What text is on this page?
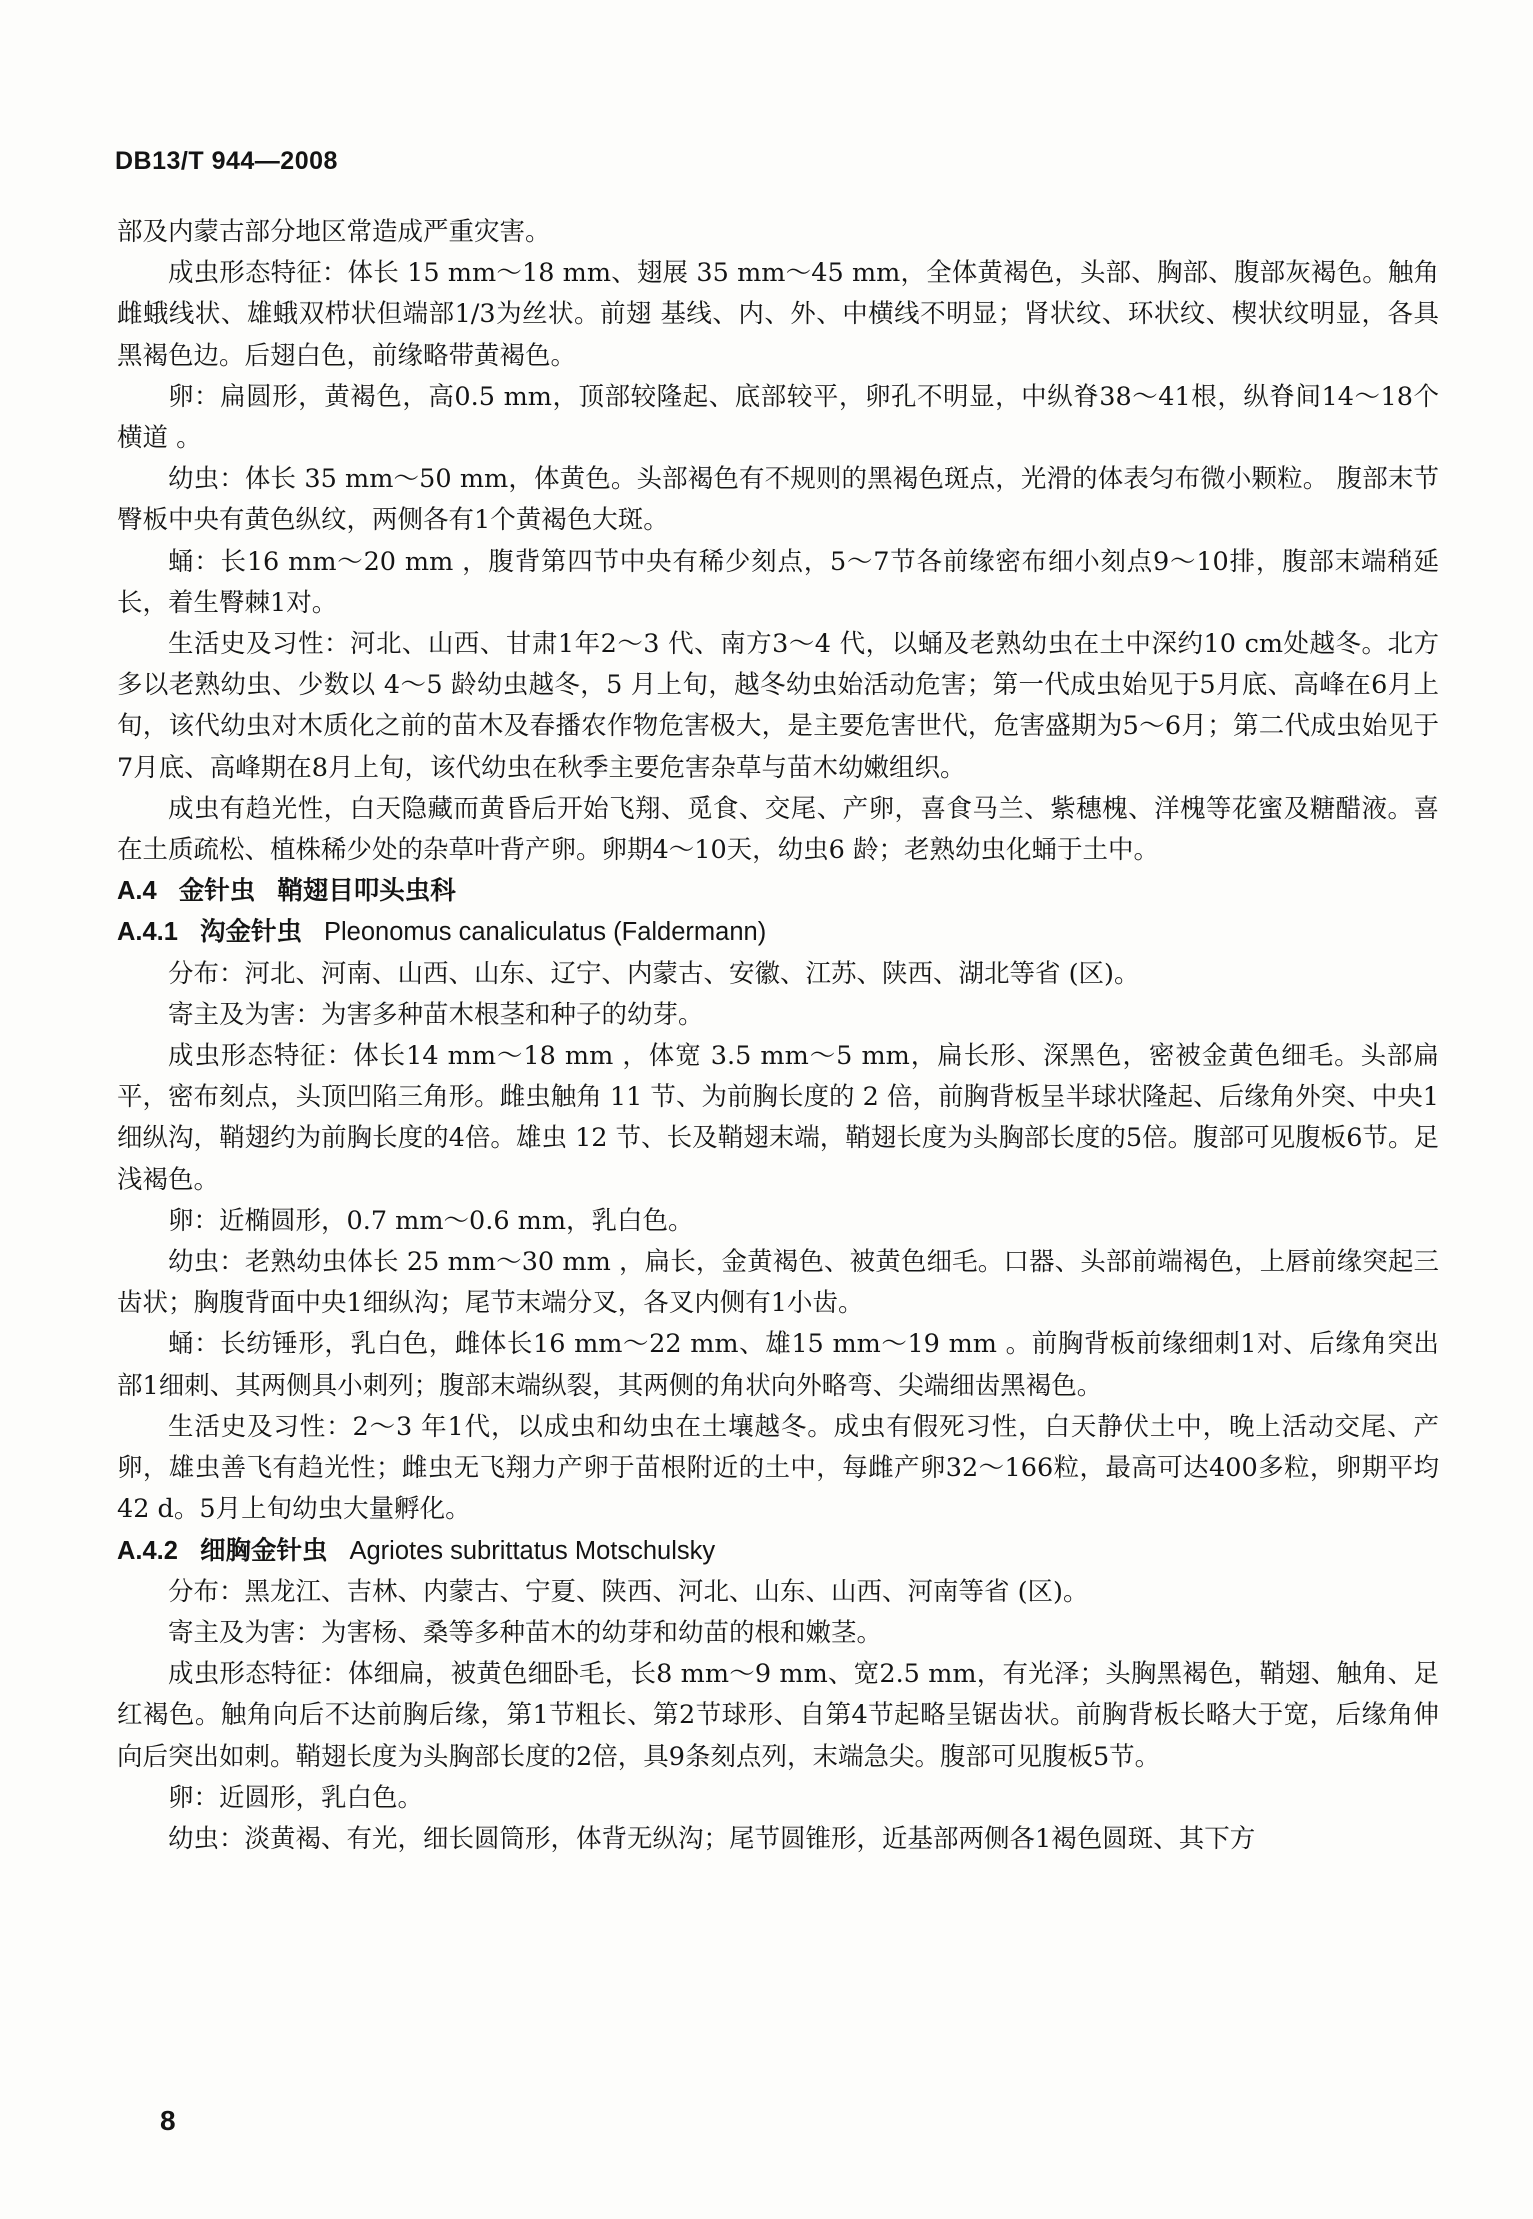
DB13/T 944—2008

部及内蒙古部分地区常造成严重灾害。

成虫形态特征：体长 15 mm～18 mm、翅展 35 mm～45 mm，全体黄褐色，头部、胸部、腹部灰褐色。触角雌蛾线状、雄蛾双栉状但端部1/3为丝状。前翅 基线、内、外、中横线不明显；肾状纹、环状纹、楔状纹明显，各具黑褐色边。后翅白色，前缘略带黄褐色。

卵：扁圆形，黄褐色，高0.5 mm，顶部较隆起、底部较平，卵孔不明显，中纵脊38～41根，纵脊间14～18个横道 。

幼虫：体长 35 mm～50 mm，体黄色。头部褐色有不规则的黑褐色斑点，光滑的体表匀布微小颗粒。 腹部末节臀板中央有黄色纵纹，两侧各有1个黄褐色大斑。

蛹：长16 mm～20 mm ，腹背第四节中央有稀少刻点，5～7节各前缘密布细小刻点9～10排，腹部末端稍延长，着生臀棘1对。

生活史及习性：河北、山西、甘肃1年2～3 代、南方3～4 代，以蛹及老熟幼虫在土中深约10 cm处越冬。北方多以老熟幼虫、少数以 4～5 龄幼虫越冬，5 月上旬，越冬幼虫始活动危害；第一代成虫始见于5月底、高峰在6月上旬，该代幼虫对木质化之前的苗木及春播农作物危害极大，是主要危害世代，危害盛期为5～6月；第二代成虫始见于7月底、高峰期在8月上旬，该代幼虫在秋季主要危害杂草与苗木幼嫩组织。

成虫有趋光性，白天隐藏而黄昏后开始飞翔、觅食、交尾、产卵，喜食马兰、紫穗槐、洋槐等花蜜及糖醋液。喜在土质疏松、植株稀少处的杂草叶背产卵。卵期4～10天，幼虫6 龄；老熟幼虫化蛹于土中。

A.4 金针虫 鞘翅目叩头虫科
A.4.1 沟金针虫 Pleonomus canaliculatus (Faldermann)

分布：河北、河南、山西、山东、辽宁、内蒙古、安徽、江苏、陕西、湖北等省 (区)。

寄主及为害：为害多种苗木根茎和种子的幼芽。

成虫形态特征：体长14 mm～18 mm ，体宽 3.5 mm～5 mm，扁长形、深黑色，密被金黄色细毛。头部扁平，密布刻点，头顶凹陷三角形。雌虫触角 11 节、为前胸长度的 2 倍，前胸背板呈半球状隆起、后缘角外突、中央1细纵沟，鞘翅约为前胸长度的4倍。雄虫 12 节、长及鞘翅末端，鞘翅长度为头胸部长度的5倍。腹部可见腹板6节。足浅褐色。

卵：近椭圆形，0.7 mm～0.6 mm，乳白色。

幼虫：老熟幼虫体长 25 mm～30 mm ，扁长，金黄褐色、被黄色细毛。口器、头部前端褐色，上唇前缘突起三齿状；胸腹背面中央1细纵沟；尾节末端分叉，各叉内侧有1小齿。

蛹：长纺锤形，乳白色，雌体长16 mm～22 mm、雄15 mm～19 mm 。前胸背板前缘细刺1对、后缘角突出部1细刺、其两侧具小刺列；腹部末端纵裂，其两侧的角状向外略弯、尖端细齿黑褐色。

生活史及习性：2～3 年1代，以成虫和幼虫在土壤越冬。成虫有假死习性，白天静伏土中，晚上活动交尾、产卵，雄虫善飞有趋光性；雌虫无飞翔力产卵于苗根附近的土中，每雌产卵32～166粒，最高可达400多粒，卵期平均 42 d。5月上旬幼虫大量孵化。

A.4.2 细胸金针虫 Agriotes subrittatus Motschulsky

分布：黑龙江、吉林、内蒙古、宁夏、陕西、河北、山东、山西、河南等省 (区)。

寄主及为害：为害杨、桑等多种苗木的幼芽和幼苗的根和嫩茎。

成虫形态特征：体细扁，被黄色细卧毛，长8 mm～9 mm、宽2.5 mm，有光泽；头胸黑褐色，鞘翅、触角、足红褐色。触角向后不达前胸后缘，第1节粗长、第2节球形、自第4节起略呈锯齿状。前胸背板长略大于宽，后缘角伸向后突出如刺。鞘翅长度为头胸部长度的2倍，具9条刻点列，末端急尖。腹部可见腹板5节。

卵：近圆形，乳白色。

幼虫：淡黄褐、有光，细长圆筒形，体背无纵沟；尾节圆锥形，近基部两侧各1褐色圆斑、其下方

8
